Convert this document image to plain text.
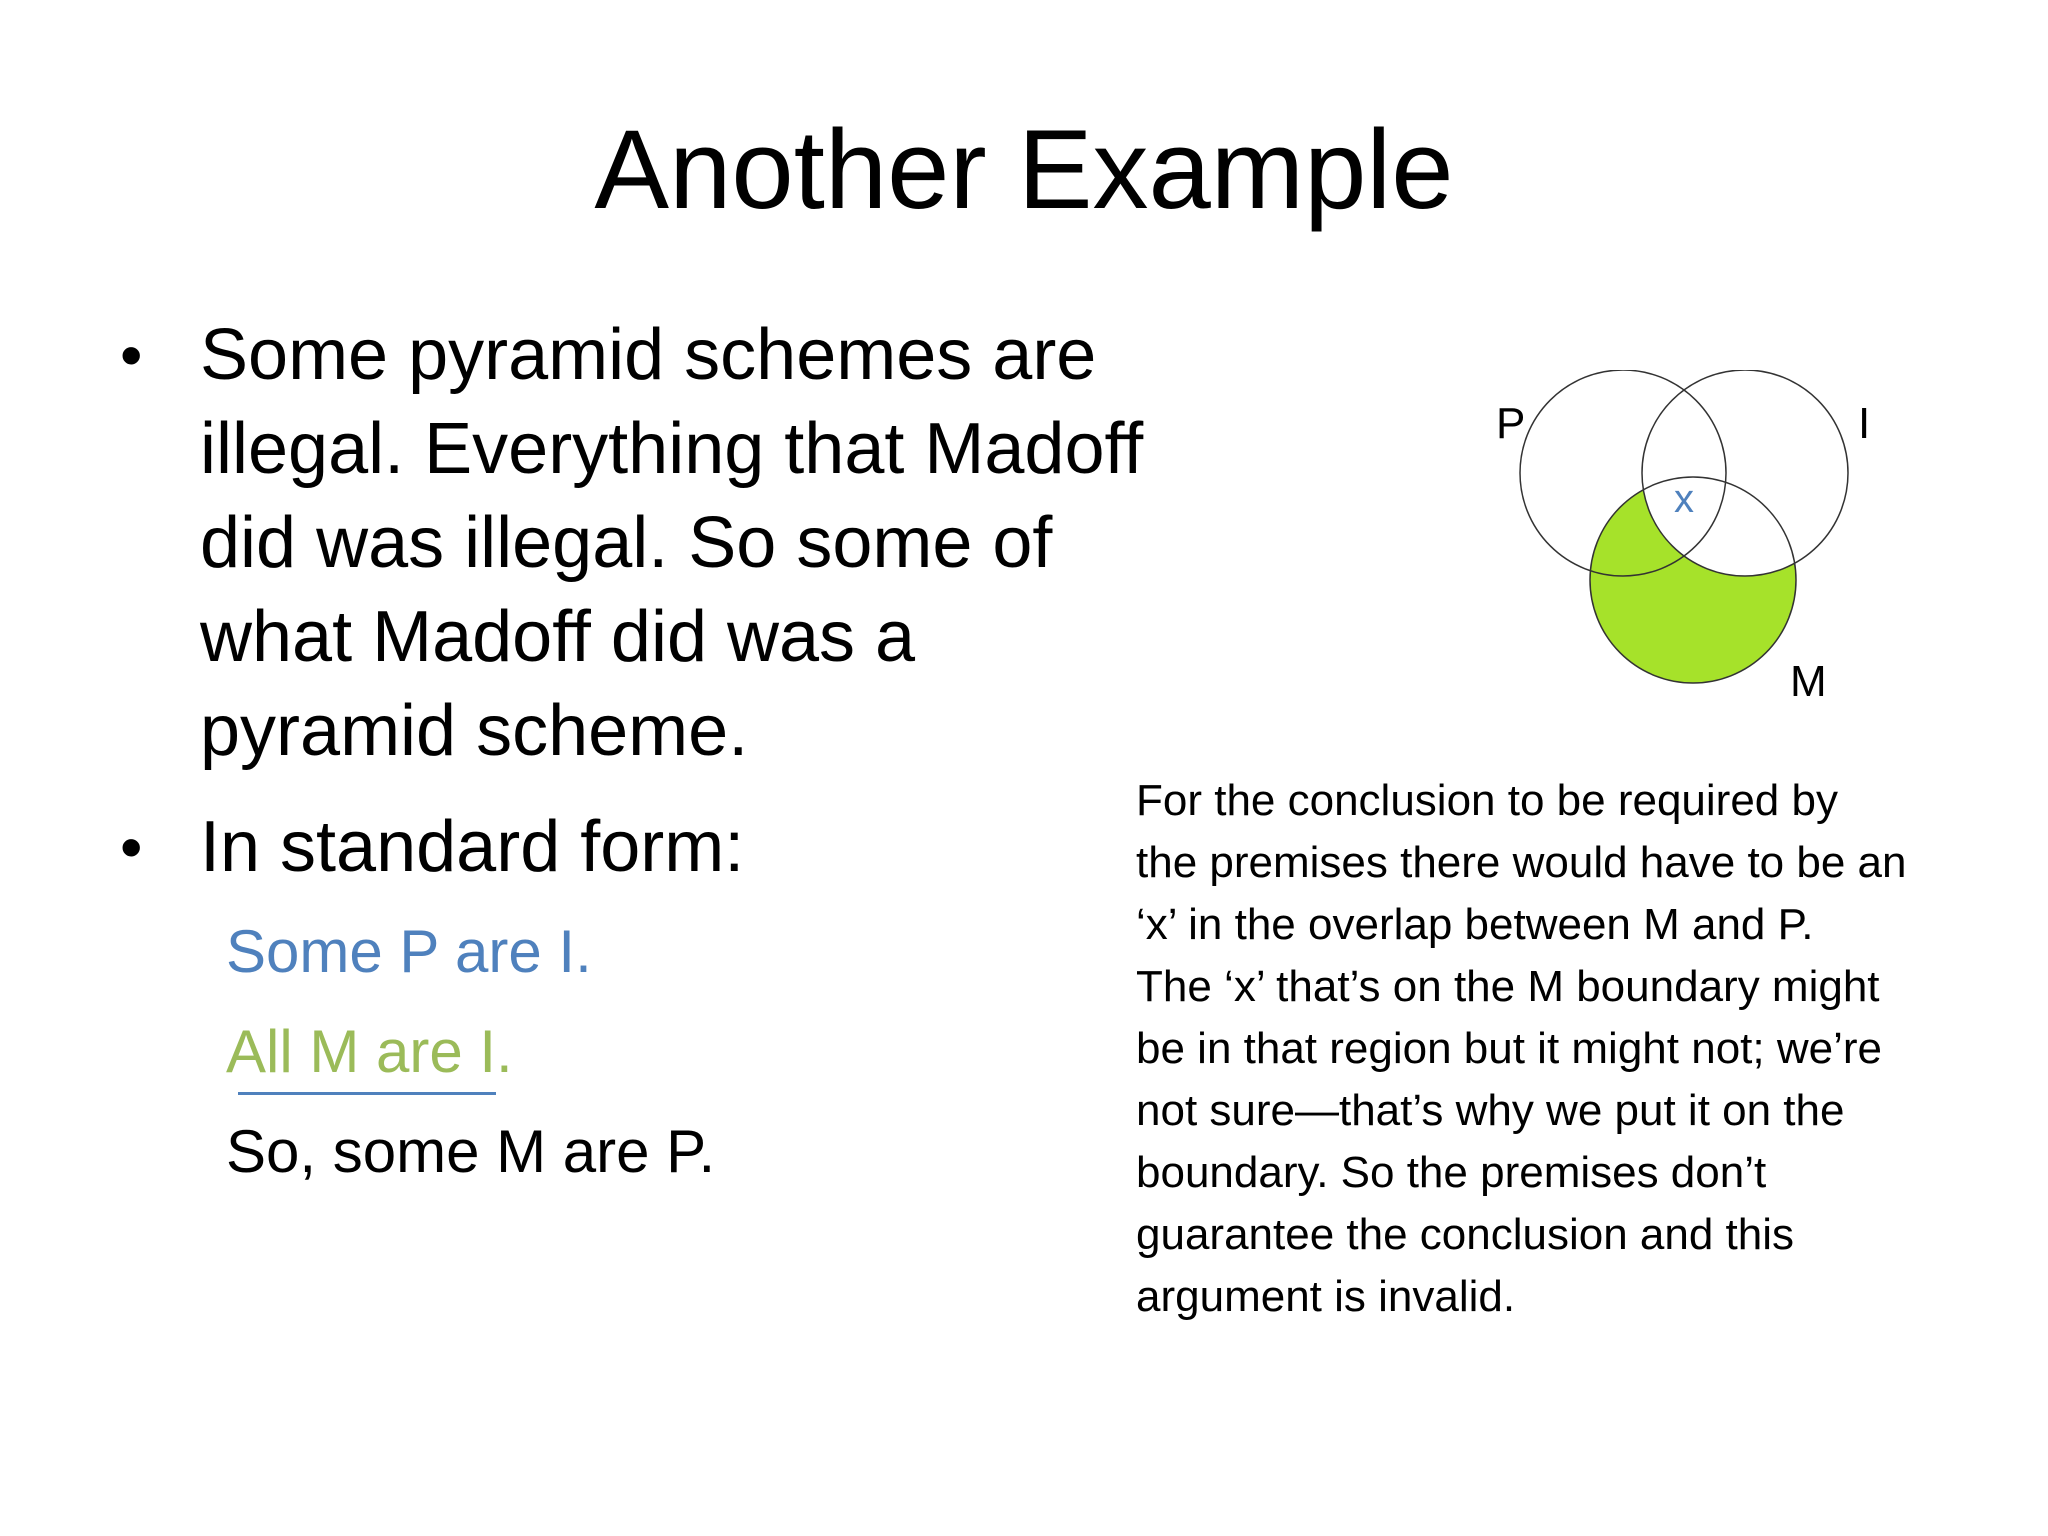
Another Example
• Some pyramid schemes are
illegal. Everything that Madoff
did was illegal. So some of
what Madoff did was a
pyramid scheme.
• In standard form:
Some P are I.
All M are I.
So, some M are P.
x
P	I
M
For the conclusion to be required by
the premises there would have to be an
‘x’ in the overlap between M and P.
The ‘x’ that’s on the M boundary might
be in that region but it might not; we’re
not sure—that’s why we put it on the
boundary. So the premises don’t
guarantee the conclusion and this
argument is invalid.
